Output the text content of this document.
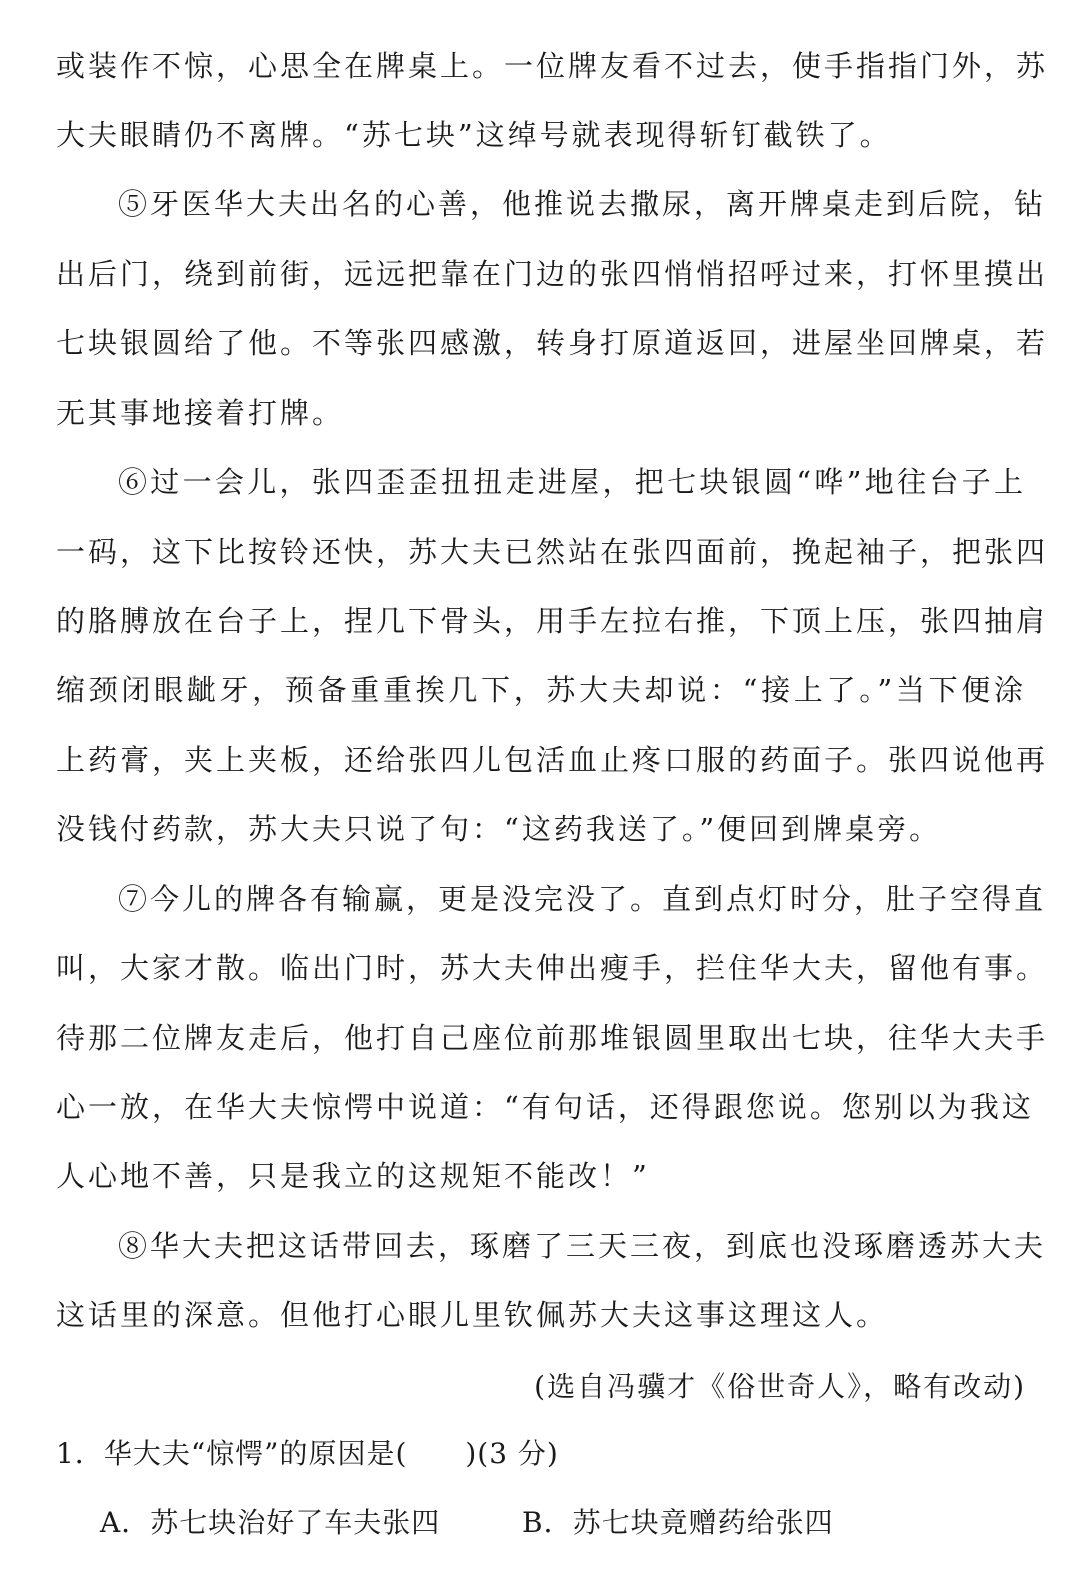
或装作不惊，心思全在牌桌上。一位牌友看不过去，使手指指门外，苏
大夫眼睛仍不离牌。“苏七块”这绰号就表现得斩钉截铁了。
⑤牙医华大夫出名的心善，他推说去撒尿，离开牌桌走到后院，钻
出后门，绕到前街，远远把靠在门边的张四悄悄招呼过来，打怀里摸出
七块银圆给了他。不等张四感激，转身打原道返回，进屋坐回牌桌，若
无其事地接着打牌。
⑥过一会儿，张四歪歪扭扭走进屋，把七块银圆“哗”地往台子上
一码，这下比按铃还快，苏大夫已然站在张四面前，挽起袖子，把张四
的胳膊放在台子上，捏几下骨头，用手左拉右推，下顶上压，张四抽肩
缩颈闭眼龇牙，预备重重挨几下，苏大夫却说：“接上了。”当下便涂
上药膏，夹上夹板，还给张四儿包活血止疼口服的药面子。张四说他再
没钱付药款，苏大夫只说了句：“这药我送了。”便回到牌桌旁。
⑦今儿的牌各有输赢，更是没完没了。直到点灯时分，肚子空得直
叫，大家才散。临出门时，苏大夫伸出瘦手，拦住华大夫，留他有事。
待那二位牌友走后，他打自己座位前那堆银圆里取出七块，往华大夫手
心一放，在华大夫惊愕中说道：“有句话，还得跟您说。您别以为我这
人心地不善，只是我立的这规矩不能改！”
⑧华大夫把这话带回去，琢磨了三天三夜，到底也没琢磨透苏大夫
这话里的深意。但他打心眼儿里钦佩苏大夫这事这理这人。
(选自冯骥才《俗世奇人》，略有改动)
1．华大夫“惊愕”的原因是(　　)(3 分)
A．苏七块治好了车夫张四	B．苏七块竟赠药给张四
